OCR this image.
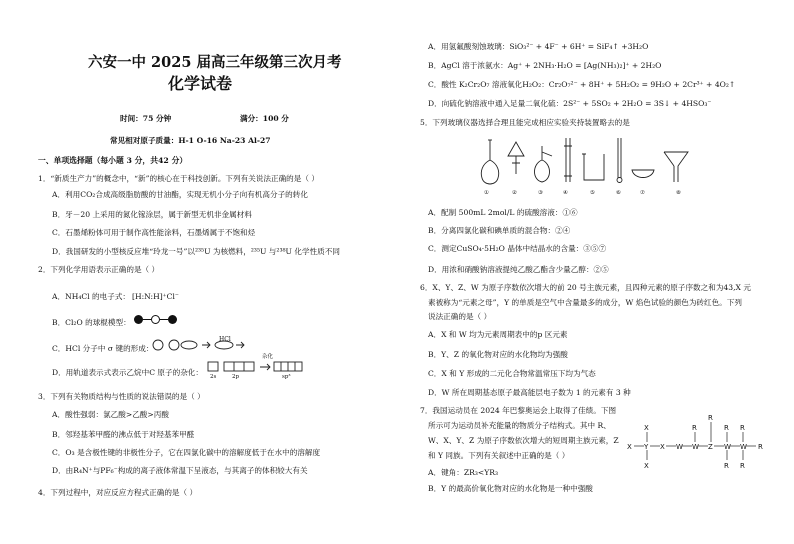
六安一中 2025 届高三年级第三次月考
化学试卷
时间：75 分钟	满分：100 分
常见相对原子质量：H-1 O-16 Na-23 Al-27
一、单项选择题（每小题 3 分，共42 分）
1．“新质生产力”的概念中，“新”的核心在于科技创新。下列有关说法正确的是（ ）
A．利用CO₂合成高级脂肪酸的甘油酯，实现无机小分子向有机高分子的转化
B．牙－20 上采用的氮化镓涂层，属于新型无机非金属材料
C．石墨烯粉体可用于制作高性能涂料，石墨烯属于不饱和烃
D．我国研发的小型核反应堆“玲龙一号”以²³⁵U 为核燃料，²³⁵U 与²³⁸U 化学性质不同
2．下列化学用语表示正确的是（ ）
A．NH₄Cl 的电子式： [H:N:H]⁺Cl⁻
B．Cl₂O 的球棍模型：
C．HCl 分子中 σ 键的形成：
HCl
D．用轨道表示式表示乙烷中C 原子的杂化： 2s	2p
杂化
sp³
3．下列有关物质结构与性质的说法错误的是（ ）
A．酸性强弱：氯乙酸>乙酸>丙酸
B．邻羟基苯甲醛的沸点低于对羟基苯甲醛
C．O₃ 是含极性键的非极性分子，它在四氯化碳中的溶解度低于在水中的溶解度
D．由R₄N⁺与PF₆⁻构成的离子液体常温下呈液态，与其离子的体积较大有关
4．下列过程中，对应反应方程式正确的是（ ）
A．用氢氟酸刻蚀玻璃：SiO₃²⁻ + 4F⁻ + 6H⁺ = SiF₄↑ +3H₂O
B．AgCl 溶于浓氨水：Ag⁺ + 2NH₃·H₂O = [Ag(NH₃)₂]⁺ + 2H₂O
C．酸性 K₂Cr₂O₇ 溶液氧化H₂O₂：Cr₂O₇²⁻ + 8H⁺ + 5H₂O₂ = 9H₂O + 2Cr³⁺ + 4O₂↑
D．向硫化钠溶液中通入足量二氧化硫：2S²⁻ + 5SO₂ + 2H₂O = 3S↓ + 4HSO₃⁻
5．下列玻璃仪器选择合理且能完成相应实验夹持装置略去的是
①	②	③	④	⑤	⑥	⑦	⑧
A．配制 500mL 2mol/L 的硫酸溶液：①⑥
B．分离四氯化碳和碘单质的混合物：②④
C．测定CuSO₄·5H₂O 晶体中结晶水的含量：③⑤⑦
D．用浓和硝酸钠溶液提纯乙酸乙酯含少量乙醇：②⑤
6．X、Y、Z、W 为原子序数依次增大的前 20 号主族元素，且四种元素的原子序数之和为43,X 元
素被称为“元素之母”，Y 的单质是空气中含量最多的成分，W 焰色试验的颜色为砖红色。下列
说法正确的是（ ）
A．X 和 W 均为元素周期表中的p 区元素
B．Y、Z 的氧化物对应的水化物均为强酸
C．X 和 Y 形成的二元化合物常温常压下均为气态
D．W 所在周期基态原子最高能层电子数为 1 的元素有 3 种
7．我国运动员在 2024 年巴黎奥运会上取得了佳绩。下图
所示可为运动员补充能量的物质分子结构式。其中 R、
W、X、Y、Z 为原子序数依次增大的短周期主族元素，Z
和 Y 同族。下列有关叙述中正确的是（ ）
A．键角：ZR₃<YR₃
B．Y 的最高价氧化物对应的水化物是一种中强酸
X Y X W W Z W W R
X
X
R
R
R R
R
R
